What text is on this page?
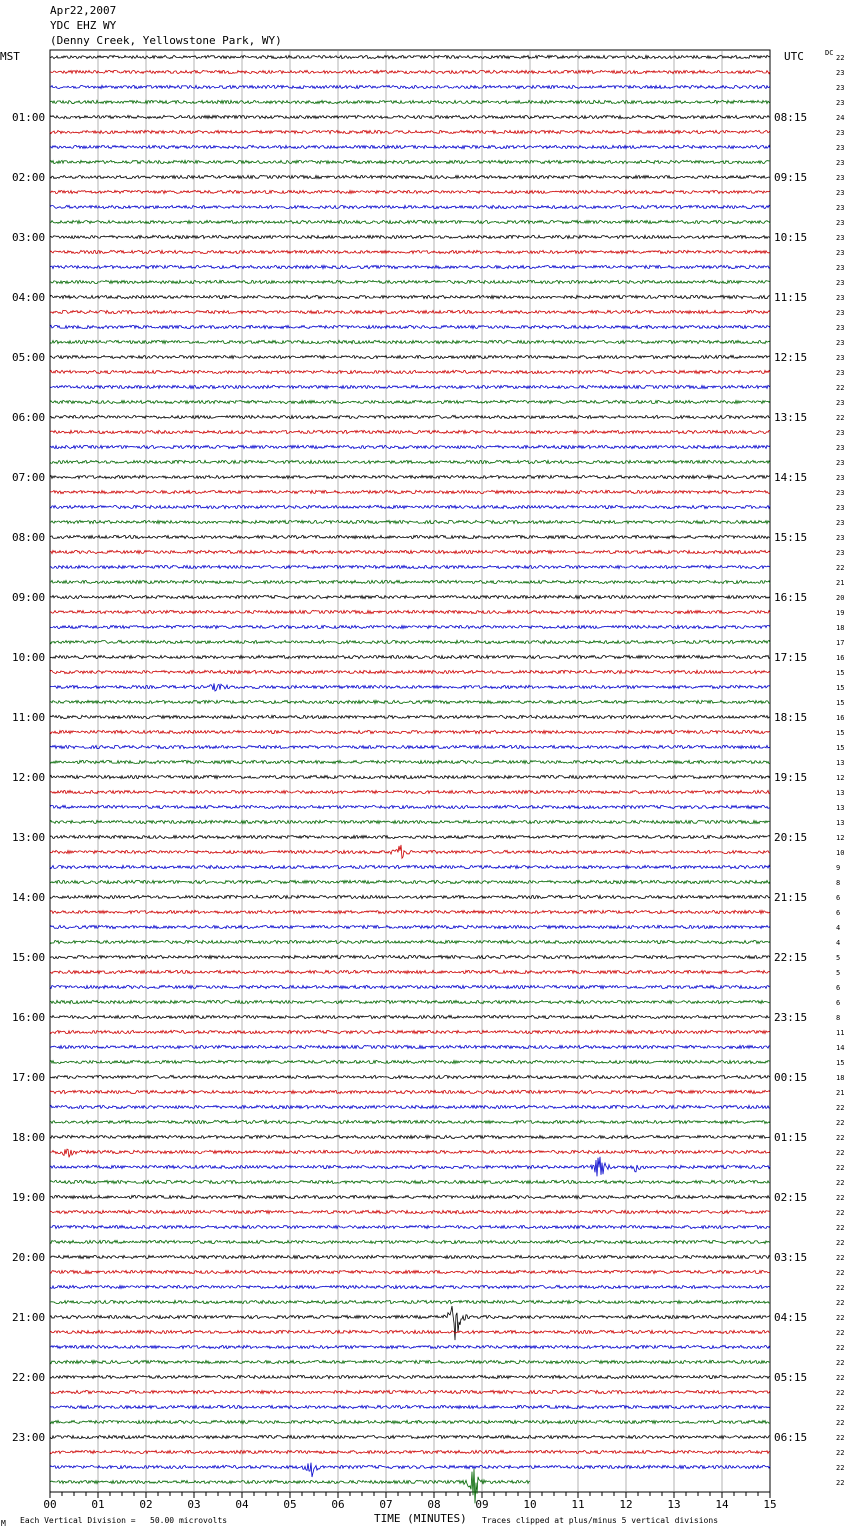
Apr22,2007
YDC EHZ WY
(Denny Creek, Yellowstone Park, WY)
MST	UTC	DC
22
23
23
23
24
01:00	08:15
23
23
23
23
02:00	09:15
23
23
23
23
03:00	10:15
23
23
23
23
04:00	11:15
23
23
23
23
05:00	12:15
23
22
23
22
06:00	13:15
23
23
23
23
07:00	14:15
23
23
23
23
08:00	15:15
23
22
21
20
09:00	16:15
19
18
17
16
10:00	17:15
15
15
15
16
11:00	18:15
15
15
13
12
12:00	19:15
13
13
13
12
13:00	20:15
10
9
8
6
14:00	21:15
6
4
4
5
15:00	22:15
5
6
6
8
16:00	23:15
11
14
15
18
17:00	00:15
21
22
22
22
18:00	01:15
22
22
22
22
19:00	02:15
22
22
22
22
20:00	03:15
22
22
22
22
21:00	04:15
22
22
22
22
22:00	05:15
22
22
22
22
23:00	06:15
22
22
22
00	01	02	03	04	05	06	07	08	09	10	11	12	13	14	15
M Each Vertical Division =   50.00 microvolts	TIME (MINUTES) Traces clipped at plus/minus 5 vertical divisions
